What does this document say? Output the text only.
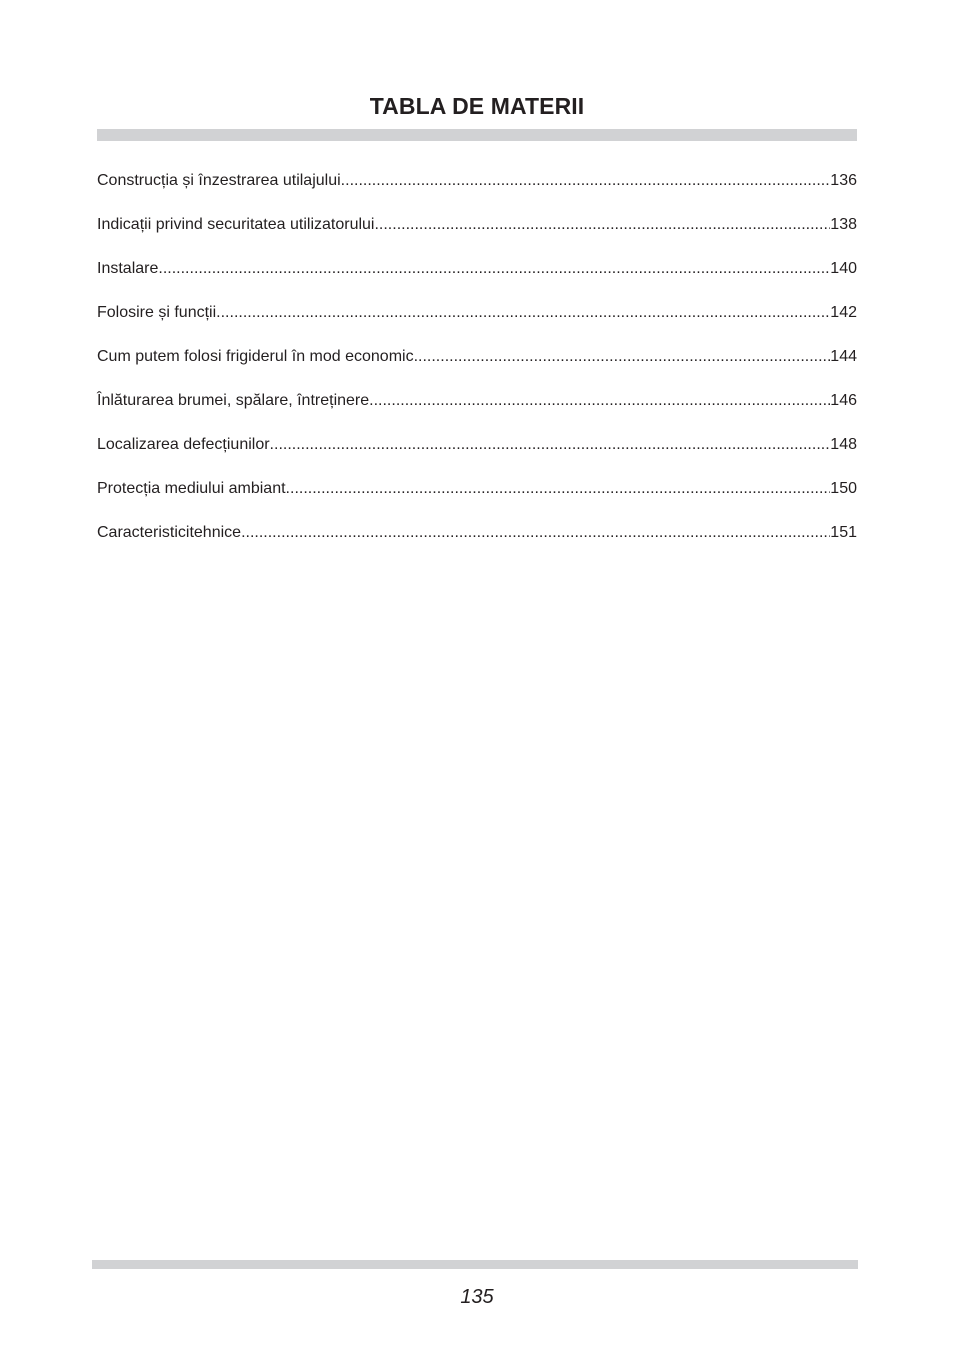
TABLA DE MATERII
Construcția și înzestrarea utilajului .....	136
Indicații privind securitatea utilizatorului .....	138
Instalare .....	140
Folosire și funcții .....	142
Cum putem folosi frigiderul în mod economic .....	144
Înlăturarea brumei, spălare, întreținere .....	146
Localizarea defecțiunilor .....	148
Protecția mediului ambiant .....	150
Caracteristicitehnice .....	151
135
